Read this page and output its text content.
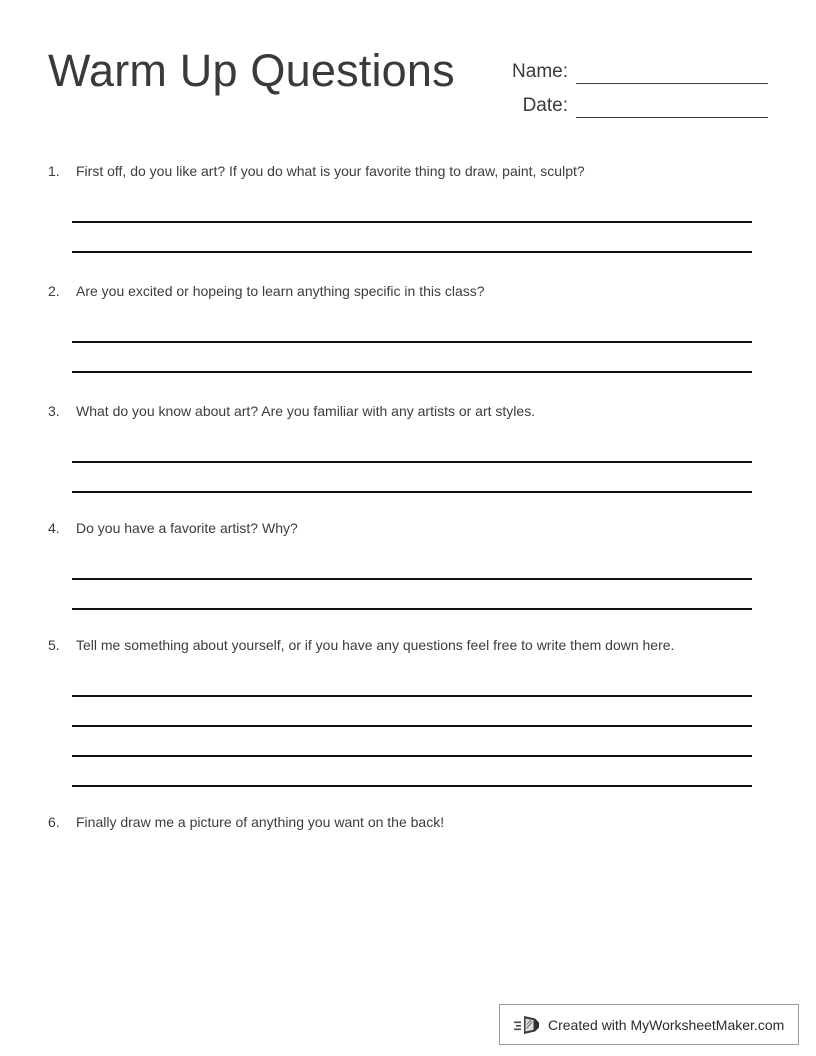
Warm Up Questions	Name:
Date:
1.	First off, do you like art? If you do what is your favorite thing to draw, paint, sculpt?
2.	Are you excited or hopeing to learn anything specific in this class?
3.	What do you know about art? Are you familiar with any artists or art styles.
4.	Do you have a favorite artist? Why?
5.	Tell me something about yourself, or if you have any questions feel free to write them down here.
6.	Finally draw me a picture of anything you want on the back!
Created with MyWorksheetMaker.com
